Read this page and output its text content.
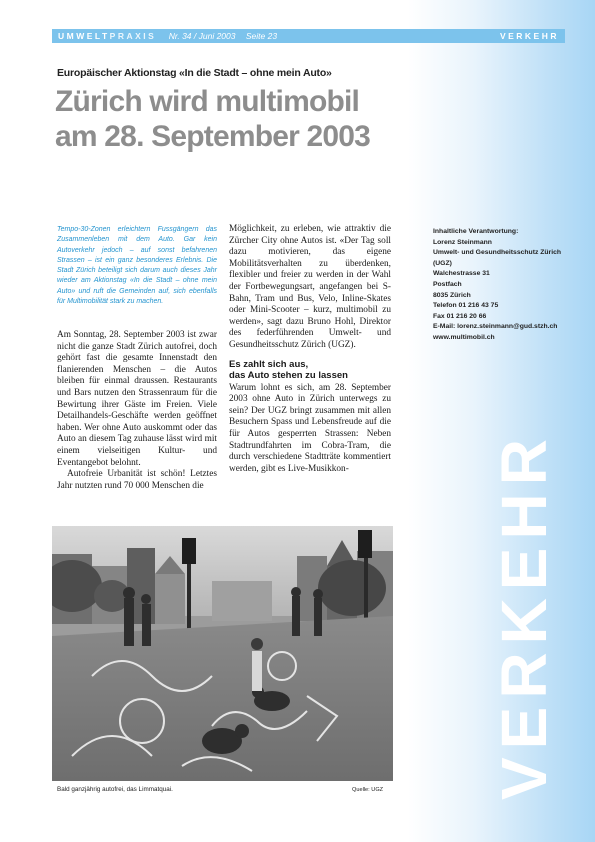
UMWELTPRAXIS Nr. 34 / Juni 2003 Seite 23	VERKEHR
Europäischer Aktionstag «In die Stadt – ohne mein Auto»
Zürich wird multimobil
am 28. September 2003
Tempo-30-Zonen erleichtern Fussgängern das Zusammenleben mit dem Auto. Gar kein Autoverkehr jedoch – auf sonst befahrenen Strassen – ist ein ganz besonderes Erlebnis. Die Stadt Zürich beteiligt sich darum auch dieses Jahr wieder am Aktionstag «In die Stadt – ohne mein Auto» und ruft die Gemeinden auf, sich ebenfalls für Multimobilität stark zu machen.

Am Sonntag, 28. September 2003 ist zwar nicht die ganze Stadt Zürich autofrei, doch gehört fast die gesamte Innenstadt den flanierenden Menschen – die Autos bleiben für einmal draussen. Restaurants und Bars nutzen den Strassenraum für die Bewirtung ihrer Gäste im Freien. Viele Detailhandels-Geschäfte werden geöffnet haben. Wer ohne Auto auskommt oder das Auto an diesem Tag zuhause lässt wird mit einem vielseitigen Kultur- und Eventangebot belohnt.

Autofreie Urbanität ist schön! Letztes Jahr nutzten rund 70 000 Menschen die

Möglichkeit, zu erleben, wie attraktiv die Zürcher City ohne Autos ist. «Der Tag soll dazu motivieren, das eigene Mobilitätsverhalten zu überdenken, flexibler und freier zu werden in der Wahl der Fortbewegungsart, angefangen bei S-Bahn, Tram und Bus, Velo, Inline-Skates oder Mini-Scooter – kurz, multimobil zu werden», sagt dazu Bruno Hohl, Direktor des federführenden Umwelt- und Gesundheitsschutz Zürich (UGZ).

Es zahlt sich aus,
das Auto stehen zu lassen

Warum lohnt es sich, am 28. September 2003 ohne Auto in Zürich unterwegs zu sein? Der UGZ bringt zusammen mit allen Besuchern Spass und Lebensfreude auf die für Autos gesperrten Strassen: Neben Stadtrundfahrten im Cobra-Tram, die durch verschiedene Stadtträte kommentiert werden, gibt es Live-Musikkon-

Inhaltliche Verantwortung:
Lorenz Steinmann
Umwelt- und Gesundheitsschutz Zürich
(UGZ)
Walchestrasse 31
Postfach
8035 Zürich
Telefon 01 216 43 75
Fax 01 216 20 66
E-Mail: lorenz.steinmann@gud.stzh.ch
www.multimobil.ch
Bald ganzjährig autofrei, das Limmatquai.	Quelle: UGZ VERKEHR
